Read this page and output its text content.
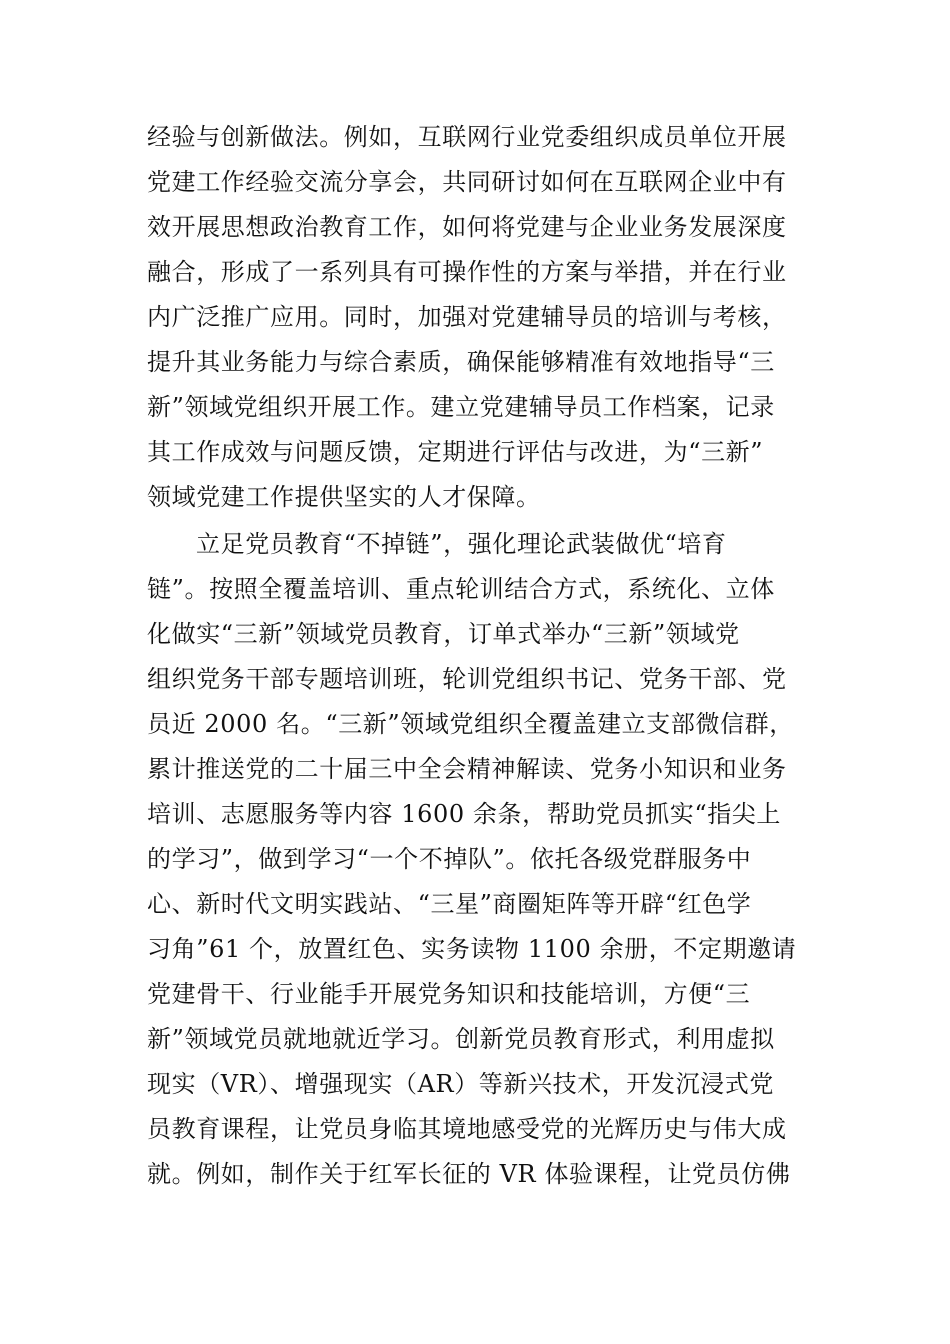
经验与创新做法。例如，互联网行业党委组织成员单位开展
党建工作经验交流分享会，共同研讨如何在互联网企业中有
效开展思想政治教育工作，如何将党建与企业业务发展深度
融合，形成了一系列具有可操作性的方案与举措，并在行业
内广泛推广应用。同时，加强对党建辅导员的培训与考核，
提升其业务能力与综合素质，确保能够精准有效地指导“三
新”领域党组织开展工作。建立党建辅导员工作档案，记录
其工作成效与问题反馈，定期进行评估与改进，为“三新”
领域党建工作提供坚实的人才保障。
立足党员教育“不掉链”，强化理论武装做优“培育
链”。按照全覆盖培训、重点轮训结合方式，系统化、立体
化做实“三新”领域党员教育，订单式举办“三新”领域党
组织党务干部专题培训班，轮训党组织书记、党务干部、党
员近 2000 名。“三新”领域党组织全覆盖建立支部微信群，
累计推送党的二十届三中全会精神解读、党务小知识和业务
培训、志愿服务等内容 1600 余条，帮助党员抓实“指尖上
的学习”，做到学习“一个不掉队”。依托各级党群服务中
心、新时代文明实践站、“三星”商圈矩阵等开辟“红色学
习角”61 个，放置红色、实务读物 1100 余册，不定期邀请
党建骨干、行业能手开展党务知识和技能培训，方便“三
新”领域党员就地就近学习。创新党员教育形式，利用虚拟
现实（VR）、增强现实（AR）等新兴技术，开发沉浸式党
员教育课程，让党员身临其境地感受党的光辉历史与伟大成
就。例如，制作关于红军长征的 VR 体验课程，让党员仿佛
